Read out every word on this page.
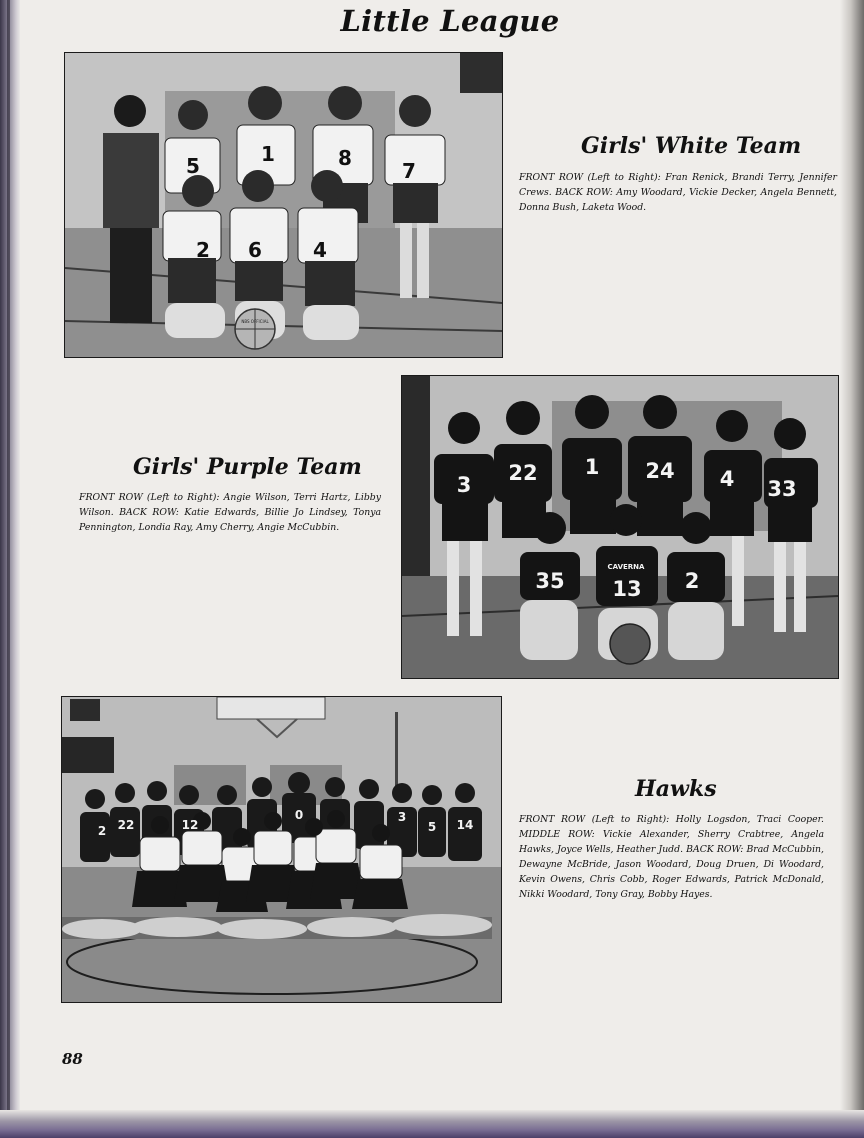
Little League
NBS OFFICIAL
5	1	8
7
2 6	4
Girls' White Team

FRONT ROW (Left to Right): Fran Renick, Brandi Terry, Jennifer Crews. BACK ROW: Amy Woodard, Vickie Decker, Angela Bennett, Donna Bush, Laketa Wood.

3 22 1 24 4 33
35 13 2
CAVERNA
Girls' Purple Team

FRONT ROW (Left to Right): Angie Wilson, Terri Hartz, Libby Wilson. BACK ROW: Katie Edwards, Billie Jo Lindsey, Tonya Pennington, Londia Ray, Amy Cherry, Angie McCubbin.

2 22	12
0	3
5 14
Hawks

FRONT ROW (Left to Right): Holly Logsdon, Traci Cooper. MIDDLE ROW: Vickie Alexander, Sherry Crabtree, Angela Hawks, Joyce Wells, Heather Judd. BACK ROW: Brad McCubbin, Dewayne McBride, Jason Woodard, Doug Druen, Di Woodard, Kevin Owens, Chris Cobb, Roger Edwards, Patrick McDonald, Nikki Woodard, Tony Gray, Bobby Hayes.

88
